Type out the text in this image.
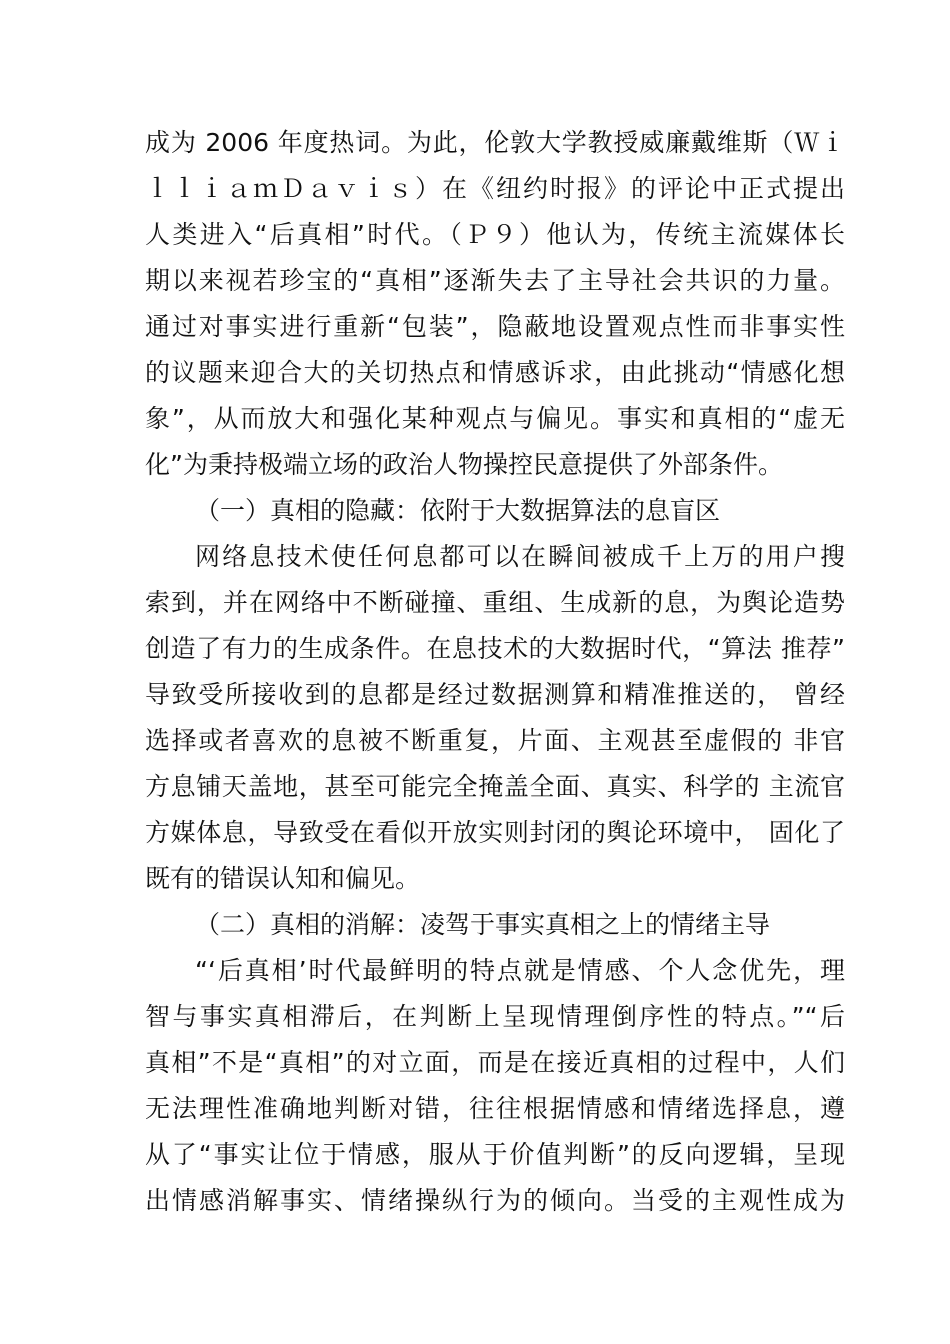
成为 2006 年度热词。为此，伦敦大学教授威廉戴维斯（Ｗｉ
ｌｌｉａｍＤａｖｉｓ）在《纽约时报》的评论中正式提出
人类进入“后真相”时代。（Ｐ９）他认为，传统主流媒体长
期以来视若珍宝的“真相”逐渐失去了主导社会共识的力量。
通过对事实进行重新“包装”，隐蔽地设置观点性而非事实性
的议题来迎合大的关切热点和情感诉求，由此挑动“情感化想
象”，从而放大和强化某种观点与偏见。事实和真相的“虚无
化”为秉持极端立场的政治人物操控民意提供了外部条件。
（一）真相的隐藏：依附于大数据算法的息盲区
网络息技术使任何息都可以在瞬间被成千上万的用户搜
索到，并在网络中不断碰撞、重组、生成新的息，为舆论造势
创造了有力的生成条件。在息技术的大数据时代，“算法 推荐”
导致受所接收到的息都是经过数据测算和精准推送的， 曾经
选择或者喜欢的息被不断重复，片面、主观甚至虚假的 非官
方息铺天盖地，甚至可能完全掩盖全面、真实、科学的 主流官
方媒体息，导致受在看似开放实则封闭的舆论环境中， 固化了
既有的错误认知和偏见。
（二）真相的消解：凌驾于事实真相之上的情绪主导
“‘后真相’时代最鲜明的特点就是情感、个人念优先，理
智与事实真相滞后，在判断上呈现情理倒序性的特点。”“后
真相”不是“真相”的对立面，而是在接近真相的过程中，人们
无法理性准确地判断对错，往往根据情感和情绪选择息，遵
从了“事实让位于情感，服从于价值判断”的反向逻辑，呈现
出情感消解事实、情绪操纵行为的倾向。当受的主观性成为
